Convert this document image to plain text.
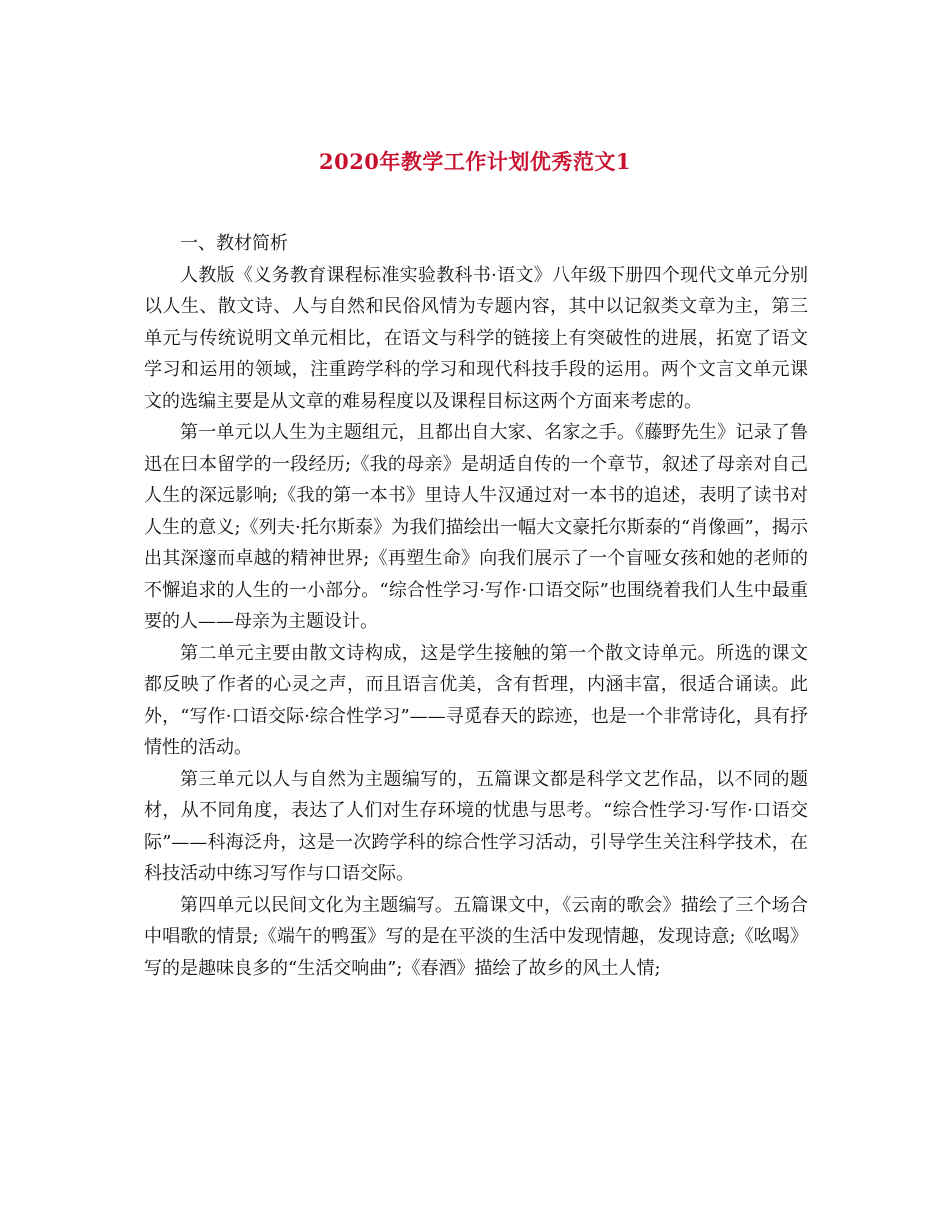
2020年教学工作计划优秀范文1

一、教材简析

人教版《义务教育课程标准实验教科书·语文》八年级下册四个现代文单元分别以人生、散文诗、人与自然和民俗风情为专题内容，其中以记叙类文章为主，第三单元与传统说明文单元相比，在语文与科学的链接上有突破性的进展，拓宽了语文学习和运用的领域，注重跨学科的学习和现代科技手段的运用。两个文言文单元课文的选编主要是从文章的难易程度以及课程目标这两个方面来考虑的。

第一单元以人生为主题组元，且都出自大家、名家之手。《藤野先生》记录了鲁迅在曰本留学的一段经历;《我的母亲》是胡适自传的一个章节，叙述了母亲对自己人生的深远影响;《我的第一本书》里诗人牛汉通过对一本书的追述，表明了读书对人生的意义;《列夫·托尔斯泰》为我们描绘出一幅大文豪托尔斯泰的“肖像画”，揭示出其深邃而卓越的精神世界;《再塑生命》向我们展示了一个盲哑女孩和她的老师的不懈追求的人生的一小部分。“综合性学习·写作·口语交际”也围绕着我们人生中最重要的人——母亲为主题设计。

第二单元主要由散文诗构成，这是学生接触的第一个散文诗单元。所选的课文都反映了作者的心灵之声，而且语言优美，含有哲理，内涵丰富，很适合诵读。此外，“写作·口语交际·综合性学习”——寻觅春天的踪迹，也是一个非常诗化，具有抒情性的活动。

第三单元以人与自然为主题编写的，五篇课文都是科学文艺作品，以不同的题材，从不同角度，表达了人们对生存环境的忧患与思考。“综合性学习·写作·口语交际”——科海泛舟，这是一次跨学科的综合性学习活动，引导学生关注科学技术，在科技活动中练习写作与口语交际。

第四单元以民间文化为主题编写。五篇课文中，《云南的歌会》描绘了三个场合中唱歌的情景;《端午的鸭蛋》写的是在平淡的生活中发现情趣，发现诗意;《吆喝》写的是趣味良多的“生活交响曲”;《春酒》描绘了故乡的风土人情;
